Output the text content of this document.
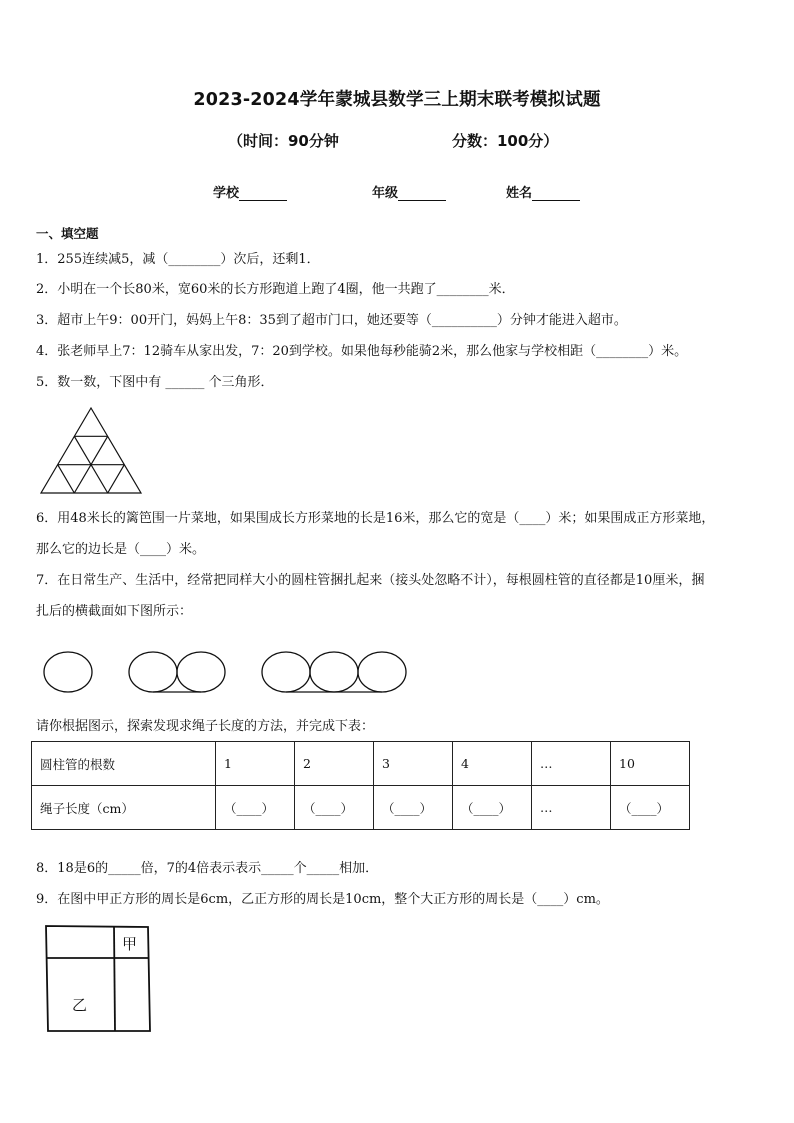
2023-2024学年蒙城县数学三上期末联考模拟试题
（时间：90分钟	分数：100分）
学校	年级	姓名
一、填空题
1．255连续减5，减（________）次后，还剩1．
2．小明在一个长80米，宽60米的长方形跑道上跑了4圈，他一共跑了________米．
3．超市上午9：00开门，妈妈上午8：35到了超市门口，她还要等（__________）分钟才能进入超市。
4．张老师早上7：12骑车从家出发，7：20到学校。如果他每秒能骑2米，那么他家与学校相距（________）米。
5．数一数，下图中有 ______ 个三角形．
6．用48米长的篱笆围一片菜地，如果围成长方形菜地的长是16米，那么它的宽是（____）米；如果围成正方形菜地，
那么它的边长是（____）米。
7．在日常生产、生活中，经常把同样大小的圆柱管捆扎起来（接头处忽略不计），每根圆柱管的直径都是10厘米，捆
扎后的横截面如下图所示：
请你根据图示，探索发现求绳子长度的方法，并完成下表：
圆柱管的根数	1	2	3	4	…	10
绳子长度（cm）	（____）	（____）	（____）	（____）	…	（____）
8．18是6的_____倍，7的4倍表示表示_____个_____相加．
9．在图中甲正方形的周长是6cm，乙正方形的周长是10cm，整个大正方形的周长是（____）cm。
甲
乙
